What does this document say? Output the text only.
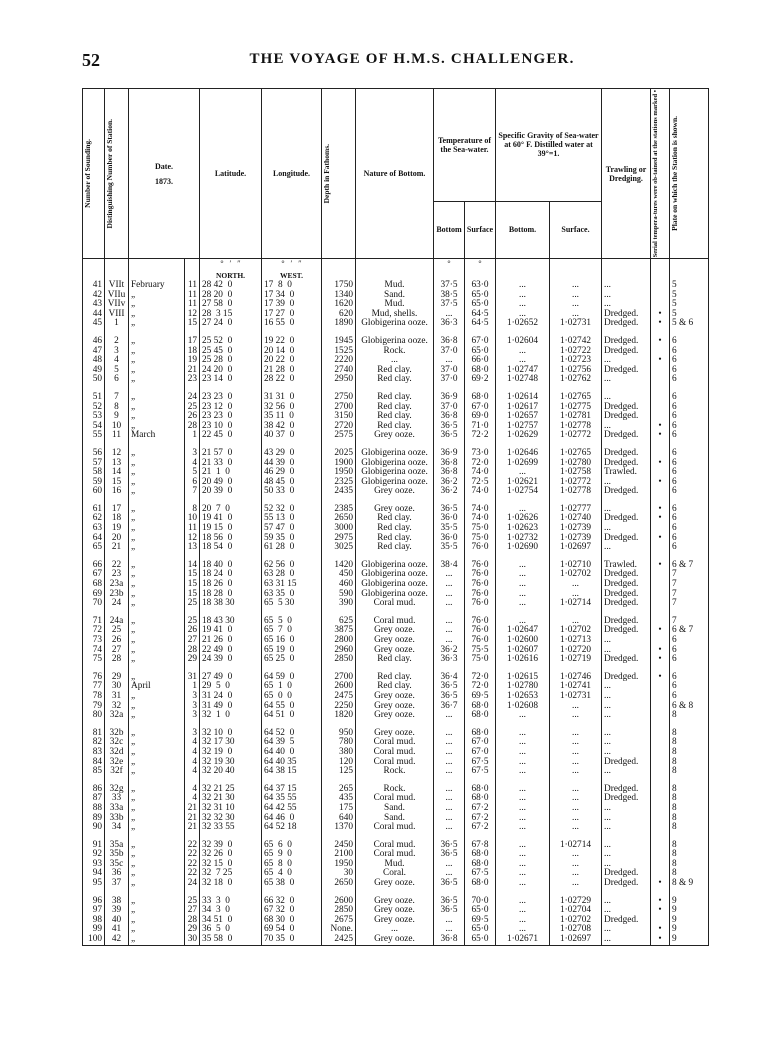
52	THE VOYAGE OF H.M.S. CHALLENGER.
Number of Sounding.	Distinguishing Number of Station.	Date.
1873.		Latitude.	Longitude.	Depth in Fathoms.	Nature of Bottom.	Temperature of the Sea-water.		Specific Gravity of Sea-water at 60° F. Distilled water at 39°=1.		Trawling or Dredging.	Serial tempera-tures were ob-tained at the stations marked •	Plate on which the Station is shown.

								Bottom	Surface	Bottom.	Surface.			
				°   ′   ″	°   ′   ″			°	°					
				NORTH.	WEST.									
41	VIIt	February	11	28 42  0	17  8  0	1750	Mud.	37·5	63·0	...	...	...		5
42	VIIu	„	11	28 20  0	17 34  0	1340	Sand.	38·5	65·0	...	...	...		5
43	VIIv	„	11	27 58  0	17 39  0	1620	Mud.	37·5	65·0	...	...	...		5
44	VIII	„	12	28  3 15	17 27  0	620	Mud, shells.	...	64·5	...	...	Dredged.	•	5
45	1	„	15	27 24  0	16 55  0	1890	Globigerina ooze.	36·3	64·5	1·02652	1·02731	Dredged.	•	5 & 6

46	2	„	17	25 52  0	19 22  0	1945	Globigerina ooze.	36·8	67·0	1·02604	1·02742	Dredged.	•	6
47	3	„	18	25 45  0	20 14  0	1525	Rock.	37·0	65·0	...	1·02722	Dredged.		6
48	4	„	19	25 28  0	20 22  0	2220	...	...	66·0	...	1·02723	...	•	6
49	5	„	21	24 20  0	21 28  0	2740	Red clay.	37·0	68·0	1·02747	1·02756	Dredged.		6
50	6	„	23	23 14  0	28 22  0	2950	Red clay.	37·0	69·2	1·02748	1·02762	...		6

51	7	„	24	23 23  0	31 31  0	2750	Red clay.	36·9	68·0	1·02614	1·02765	...		6
52	8	„	25	23 12  0	32 56  0	2700	Red clay.	37·0	67·0	1·02617	1·02775	Dredged.		6
53	9	„	26	23 23  0	35 11  0	3150	Red clay.	36·8	69·0	1·02657	1·02781	Dredged.		6
54	10	„	28	23 10  0	38 42  0	2720	Red clay.	36·5	71·0	1·02757	1·02778	...	•	6
55	11	March	1	22 45  0	40 37  0	2575	Grey ooze.	36·5	72·2	1·02629	1·02772	Dredged.	•	6

56	12	„	3	21 57  0	43 29  0	2025	Globigerina ooze.	36·9	73·0	1·02646	1·02765	Dredged.		6
57	13	„	4	21 33  0	44 39  0	1900	Globigerina ooze.	36·8	72·0	1·02699	1·02780	Dredged.	•	6
58	14	„	5	21  1  0	46 29  0	1950	Globigerina ooze.	36·8	74·0	...	1·02758	Trawled.		6
59	15	„	6	20 49  0	48 45  0	2325	Globigerina ooze.	36·2	72·5	1·02621	1·02772	...	•	6
60	16	„	7	20 39  0	50 33  0	2435	Grey ooze.	36·2	74·0	1·02754	1·02778	Dredged.		6

61	17	„	8	20  7  0	52 32  0	2385	Grey ooze.	36·5	74·0	...	1·02777	...	•	6
62	18	„	10	19 41  0	55 13  0	2650	Red clay.	36·0	74·0	1·02626	1·02740	Dredged.	•	6
63	19	„	11	19 15  0	57 47  0	3000	Red clay.	35·5	75·0	1·02623	1·02739	...		6
64	20	„	12	18 56  0	59 35  0	2975	Red clay.	36·0	75·0	1·02732	1·02739	Dredged.	•	6
65	21	„	13	18 54  0	61 28  0	3025	Red clay.	35·5	76·0	1·02690	1·02697	...		6

66	22	„	14	18 40  0	62 56  0	1420	Globigerina ooze.	38·4	76·0	...	1·02710	Trawled.	•	6 & 7
67	23	„	15	18 24  0	63 28  0	450	Globigerina ooze.	...	76·0	...	1·02702	Dredged.		7
68	23a	„	15	18 26  0	63 31 15	460	Globigerina ooze.	...	76·0	...	...	Dredged.		7
69	23b	„	15	18 28  0	63 35  0	590	Globigerina ooze.	...	76·0	...	...	Dredged.		7
70	24	„	25	18 38 30	65  5 30	390	Coral mud.	...	76·0	...	1·02714	Dredged.		7

71	24a	„	25	18 43 30	65  5  0	625	Coral mud.	...	76·0	...	...	Dredged.		7
72	25	„	26	19 41  0	65  7  0	3875	Grey ooze.	...	76·0	1·02647	1·02702	Dredged.	•	6 & 7
73	26	„	27	21 26  0	65 16  0	2800	Grey ooze.	...	76·0	1·02600	1·02713	...		6
74	27	„	28	22 49  0	65 19  0	2960	Grey ooze.	36·2	75·5	1·02607	1·02720	...	•	6
75	28	„	29	24 39  0	65 25  0	2850	Red clay.	36·3	75·0	1·02616	1·02719	Dredged.	•	6

76	29	„	31	27 49  0	64 59  0	2700	Red clay.	36·4	72·0	1·02615	1·02746	Dredged.	•	6
77	30	April	1	29  5  0	65  1  0	2600	Red clay.	36·5	72·0	1·02780	1·02741	...		6
78	31	„	3	31 24  0	65  0  0	2475	Grey ooze.	36·5	69·5	1·02653	1·02731	...		6
79	32	„	3	31 49  0	64 55  0	2250	Grey ooze.	36·7	68·0	1·02608	...	...		6 & 8
80	32a	„	3	32  1  0	64 51  0	1820	Grey ooze.	...	68·0	...	...	...		8

81	32b	„	3	32 10  0	64 52  0	950	Grey ooze.	...	68·0	...	...	...		8
82	32c	„	4	32 17 30	64 39  5	780	Coral mud.	...	67·0	...	...	...		8
83	32d	„	4	32 19  0	64 40  0	380	Coral mud.	...	67·0	...	...	...		8
84	32e	„	4	32 19 30	64 40 35	120	Coral mud.	...	67·5	...	...	Dredged.		8
85	32f	„	4	32 20 40	64 38 15	125	Rock.	...	67·5	...	...	...		8

86	32g	„	4	32 21 25	64 37 15	265	Rock.	...	68·0	...	...	Dredged.		8
87	33	„	4	32 21 30	64 35 55	435	Coral mud.	...	68·0	...	...	Dredged.		8
88	33a	„	21	32 31 10	64 42 55	175	Sand.	...	67·2	...	...	...		8
89	33b	„	21	32 32 30	64 46  0	640	Sand.	...	67·2	...	...	...		8
90	34	„	21	32 33 55	64 52 18	1370	Coral mud.	...	67·2	...	...	...		8

91	35a	„	22	32 39  0	65  6  0	2450	Coral mud.	36·5	67·8	...	1·02714	...		8
92	35b	„	22	32 26  0	65  9  0	2100	Coral mud.	36·5	68·0	...	...	...		8
93	35c	„	22	32 15  0	65  8  0	1950	Mud.	...	68·0	...	...	...		8
94	36	„	22	32  7 25	65  4  0	30	Coral.	...	67·5	...	...	Dredged.		8
95	37	„	24	32 18  0	65 38  0	2650	Grey ooze.	36·5	68·0	...	...	Dredged.	•	8 & 9

96	38	„	25	33  3  0	66 32  0	2600	Grey ooze.	36·5	70·0	...	1·02729	...	•	9
97	39	„	27	34  3  0	67 32  0	2850	Grey ooze.	36·5	65·0	...	1·02704	...	•	9
98	40	„	28	34 51  0	68 30  0	2675	Grey ooze.	...	69·5	...	1·02702	Dredged.		9
99	41	„	29	36  5  0	69 54  0	None.	...	...	65·0	...	1·02708	...	•	9
100	42	„	30	35 58  0	70 35  0	2425	Grey ooze.	36·8	65·0	1·02671	1·02697	...	•	9
